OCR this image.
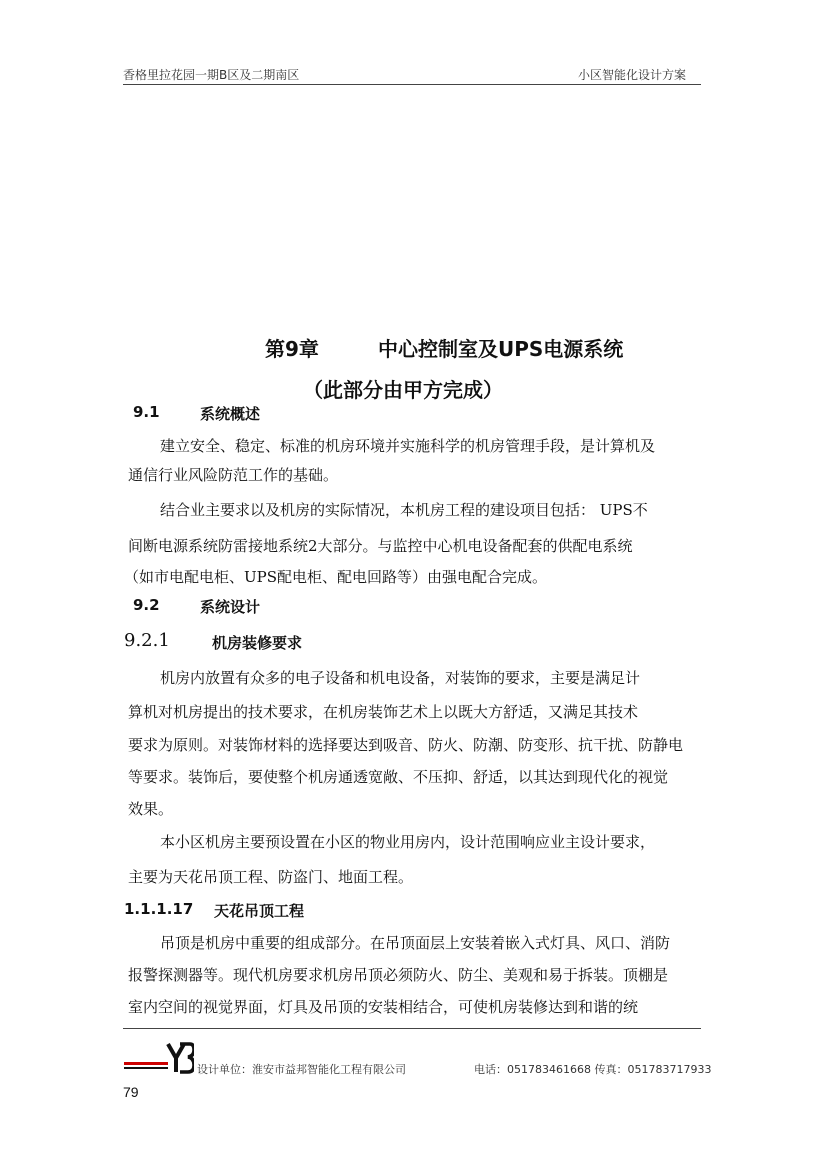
香格里拉花园一期B区及二期南区	小区智能化设计方案
第9章	中心控制室及UPS电源系统
（此部分由甲方完成）
9.1	系统概述
建立安全、稳定、标准的机房环境并实施科学的机房管理手段，是计算机及
通信行业风险防范工作的基础。
结合业主要求以及机房的实际情况，本机房工程的建设项目包括： UPS不
间断电源系统防雷接地系统2大部分。与监控中心机电设备配套的供配电系统
（如市电配电柜、UPS配电柜、配电回路等）由强电配合完成。
9.2	系统设计
9.2.1	机房装修要求
机房内放置有众多的电子设备和机电设备，对装饰的要求，主要是满足计
算机对机房提出的技术要求，在机房装饰艺术上以既大方舒适，又满足其技术
要求为原则。对装饰材料的选择要达到吸音、防火、防潮、防变形、抗干扰、防静电
等要求。装饰后，要使整个机房通透宽敞、不压抑、舒适，以其达到现代化的视觉
效果。
本小区机房主要预设置在小区的物业用房内，设计范围响应业主设计要求，
主要为天花吊顶工程、防盗门、地面工程。
1.1.1.17 天花吊顶工程
吊顶是机房中重要的组成部分。在吊顶面层上安装着嵌入式灯具、风口、消防
报警探测器等。现代机房要求机房吊顶必须防火、防尘、美观和易于拆装。顶棚是
室内空间的视觉界面，灯具及吊顶的安装相结合，可使机房装修达到和谐的统
设计单位：淮安市益邦智能化工程有限公司	电话：051783461668 传真：051783717933
79
